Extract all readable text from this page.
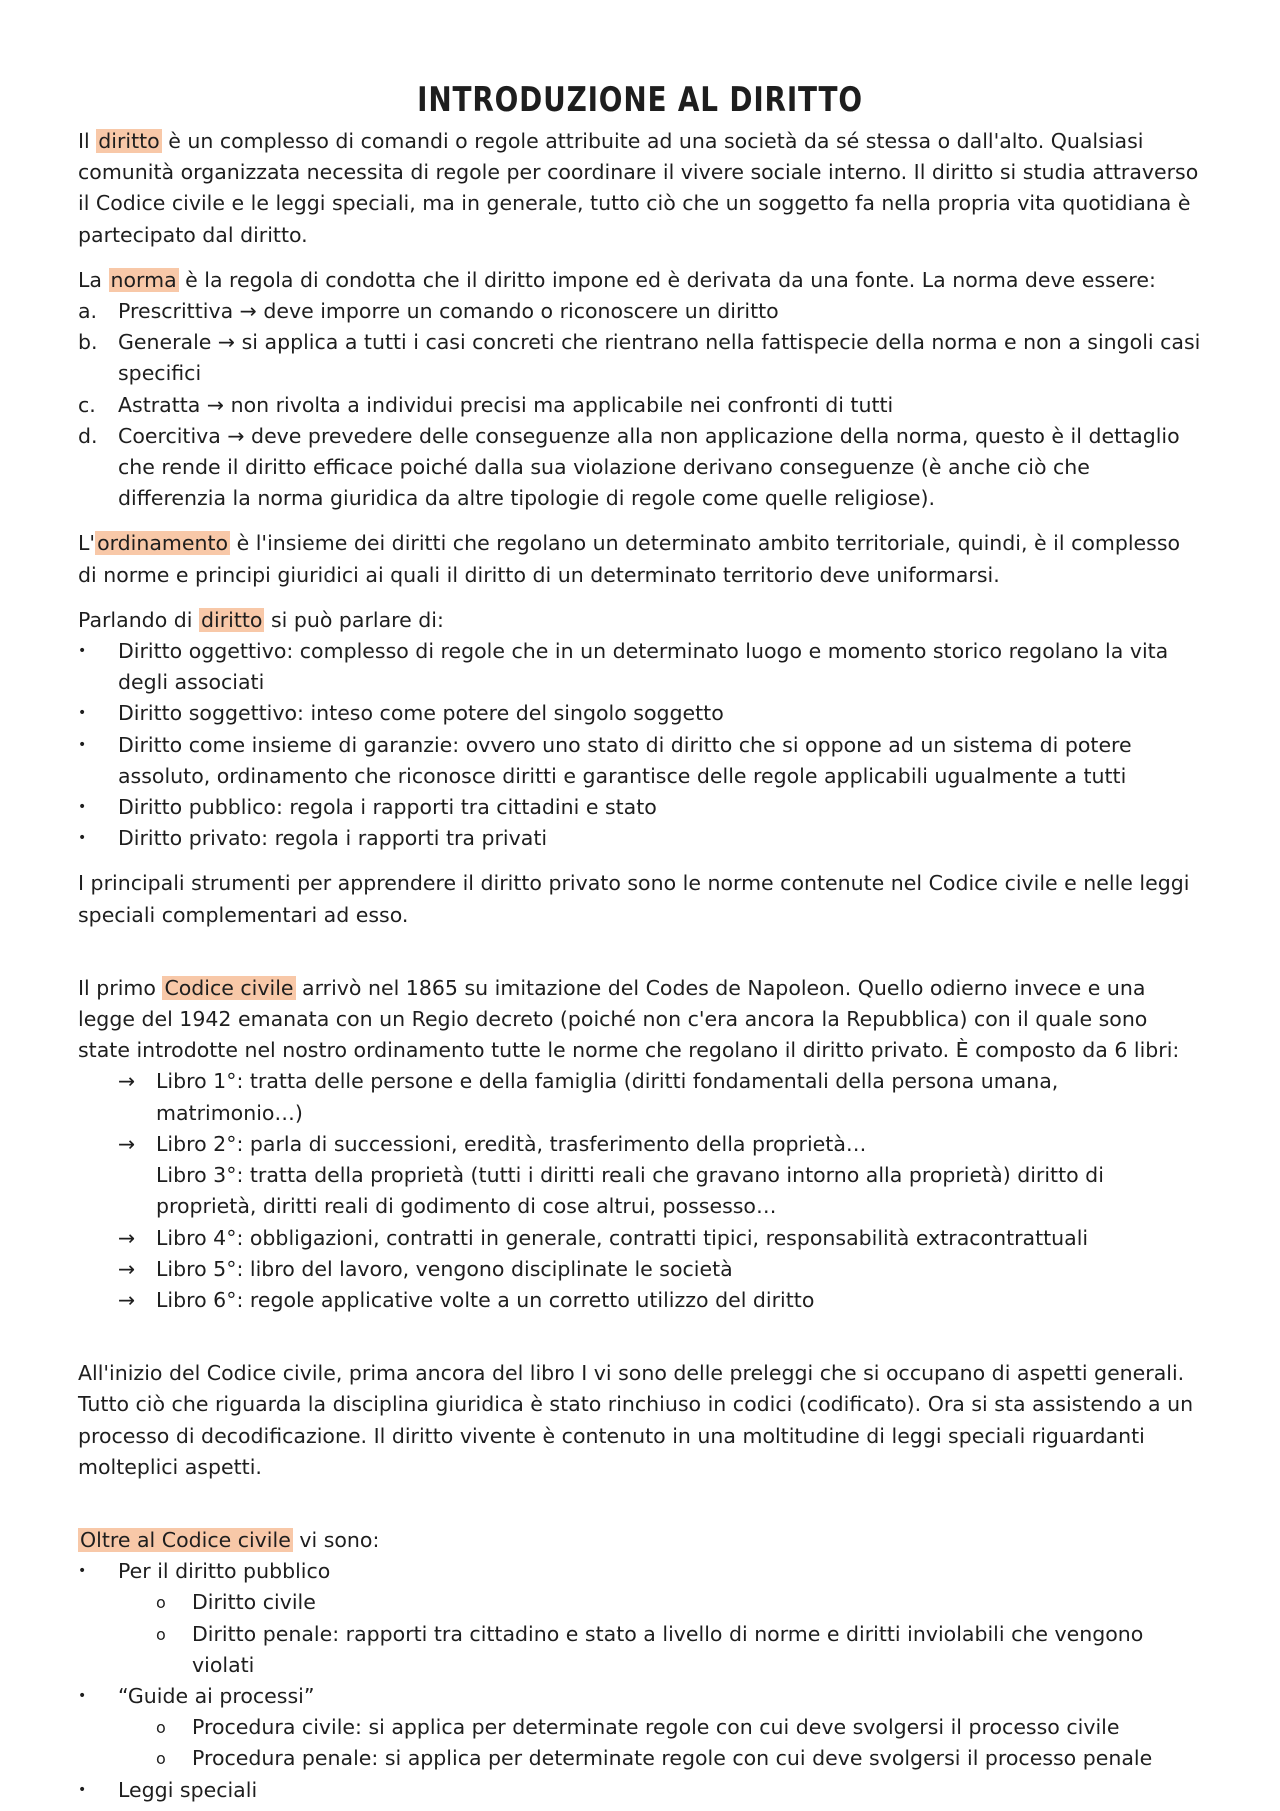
INTRODUZIONE AL DIRITTO

Il diritto è un complesso di comandi o regole attribuite ad una società da sé stessa o dall'alto. Qualsiasi comunità organizzata necessita di regole per coordinare il vivere sociale interno. Il diritto si studia attraverso il Codice civile e le leggi speciali, ma in generale, tutto ciò che un soggetto fa nella propria vita quotidiana è partecipato dal diritto.

La norma è la regola di condotta che il diritto impone ed è derivata da una fonte. La norma deve essere:

a.	Prescrittiva → deve imporre un comando o riconoscere un diritto
b. Generale → si applica a tutti i casi concreti che rientrano nella fattispecie della norma e non a singoli casi specifici
c.	Astratta → non rivolta a individui precisi ma applicabile nei confronti di tutti
d. Coercitiva → deve prevedere delle conseguenze alla non applicazione della norma, questo è il dettaglio che rende il diritto efficace poiché dalla sua violazione derivano conseguenze (è anche ciò che differenzia la norma giuridica da altre tipologie di regole come quelle religiose).

L'ordinamento è l'insieme dei diritti che regolano un determinato ambito territoriale, quindi, è il complesso di norme e principi giuridici ai quali il diritto di un determinato territorio deve uniformarsi.

Parlando di diritto si può parlare di:

•	Diritto oggettivo: complesso di regole che in un determinato luogo e momento storico regolano la vita degli associati
•	Diritto soggettivo: inteso come potere del singolo soggetto
•	Diritto come insieme di garanzie: ovvero uno stato di diritto che si oppone ad un sistema di potere assoluto, ordinamento che riconosce diritti e garantisce delle regole applicabili ugualmente a tutti
•	Diritto pubblico: regola i rapporti tra cittadini e stato
•	Diritto privato: regola i rapporti tra privati

I principali strumenti per apprendere il diritto privato sono le norme contenute nel Codice civile e nelle leggi speciali complementari ad esso.

Il primo Codice civile arrivò nel 1865 su imitazione del Codes de Napoleon. Quello odierno invece e una legge del 1942 emanata con un Regio decreto (poiché non c'era ancora la Repubblica) con il quale sono state introdotte nel nostro ordinamento tutte le norme che regolano il diritto privato. È composto da 6 libri:

→	Libro 1°: tratta delle persone e della famiglia (diritti fondamentali della persona umana, matrimonio…)
→	Libro 2°: parla di successioni, eredità, trasferimento della proprietà…
Libro 3°: tratta della proprietà (tutti i diritti reali che gravano intorno alla proprietà) diritto di proprietà, diritti reali di godimento di cose altrui, possesso…
→	Libro 4°: obbligazioni, contratti in generale, contratti tipici, responsabilità extracontrattuali
→	Libro 5°: libro del lavoro, vengono disciplinate le società
→	Libro 6°: regole applicative volte a un corretto utilizzo del diritto

All'inizio del Codice civile, prima ancora del libro I vi sono delle preleggi che si occupano di aspetti generali. Tutto ciò che riguarda la disciplina giuridica è stato rinchiuso in codici (codificato). Ora si sta assistendo a un processo di decodificazione. Il diritto vivente è contenuto in una moltitudine di leggi speciali riguardanti molteplici aspetti.

Oltre al Codice civile vi sono:

•	Per il diritto pubblico
o	Diritto civile
o	Diritto penale: rapporti tra cittadino e stato a livello di norme e diritti inviolabili che vengono violati
•	“Guide ai processi”
o	Procedura civile: si applica per determinate regole con cui deve svolgersi il processo civile
o	Procedura penale: si applica per determinate regole con cui deve svolgersi il processo penale
•	Leggi speciali
